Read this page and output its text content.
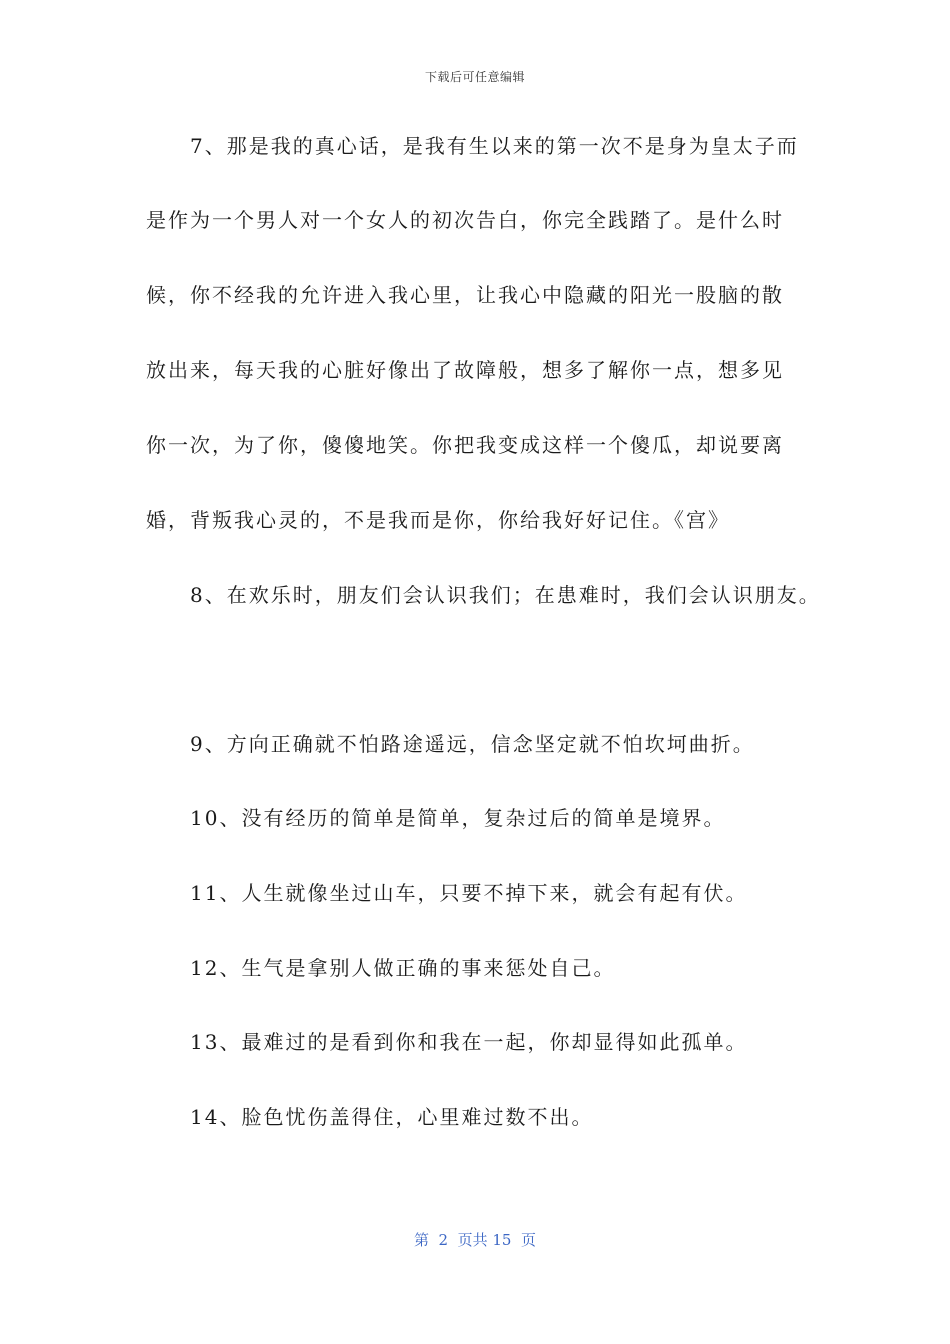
下载后可任意编辑
7、那是我的真心话，是我有生以来的第一次不是身为皇太子而
是作为一个男人对一个女人的初次告白，你完全践踏了。是什么时
候，你不经我的允许进入我心里，让我心中隐藏的阳光一股脑的散
放出来，每天我的心脏好像出了故障般，想多了解你一点，想多见
你一次，为了你，傻傻地笑。你把我变成这样一个傻瓜，却说要离
婚，背叛我心灵的，不是我而是你，你给我好好记住。《宫》
8、在欢乐时，朋友们会认识我们；在患难时，我们会认识朋友。
9、方向正确就不怕路途遥远，信念坚定就不怕坎坷曲折。
10、没有经历的简单是简单，复杂过后的简单是境界。
11、人生就像坐过山车，只要不掉下来，就会有起有伏。
12、生气是拿别人做正确的事来惩处自己。
13、最难过的是看到你和我在一起，你却显得如此孤单。
14、脸色忧伤盖得住，心里难过数不出。
第  2  页共 15  页
